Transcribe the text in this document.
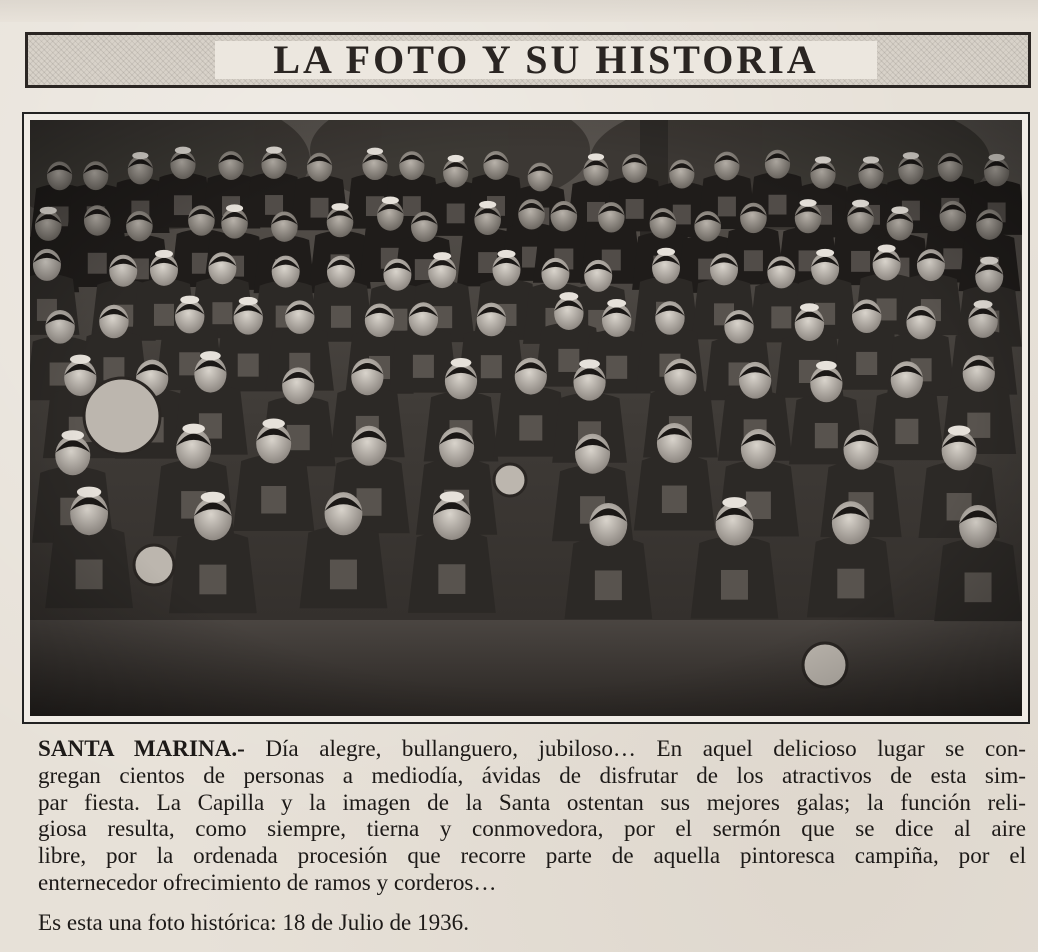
LA FOTO Y SU HISTORIA
SANTA MARINA.- Día alegre, bullanguero, jubiloso… En aquel delicioso lugar se con-
gregan cientos de personas a mediodía, ávidas de disfrutar de los atractivos de esta sim-
par fiesta. La Capilla y la imagen de la Santa ostentan sus mejores galas; la función reli-
giosa resulta, como siempre, tierna y conmovedora, por el sermón que se dice al aire
libre, por la ordenada procesión que recorre parte de aquella pintoresca campiña, por el
enternecedor ofrecimiento de ramos y corderos…
Es esta una foto histórica: 18 de Julio de 1936.
